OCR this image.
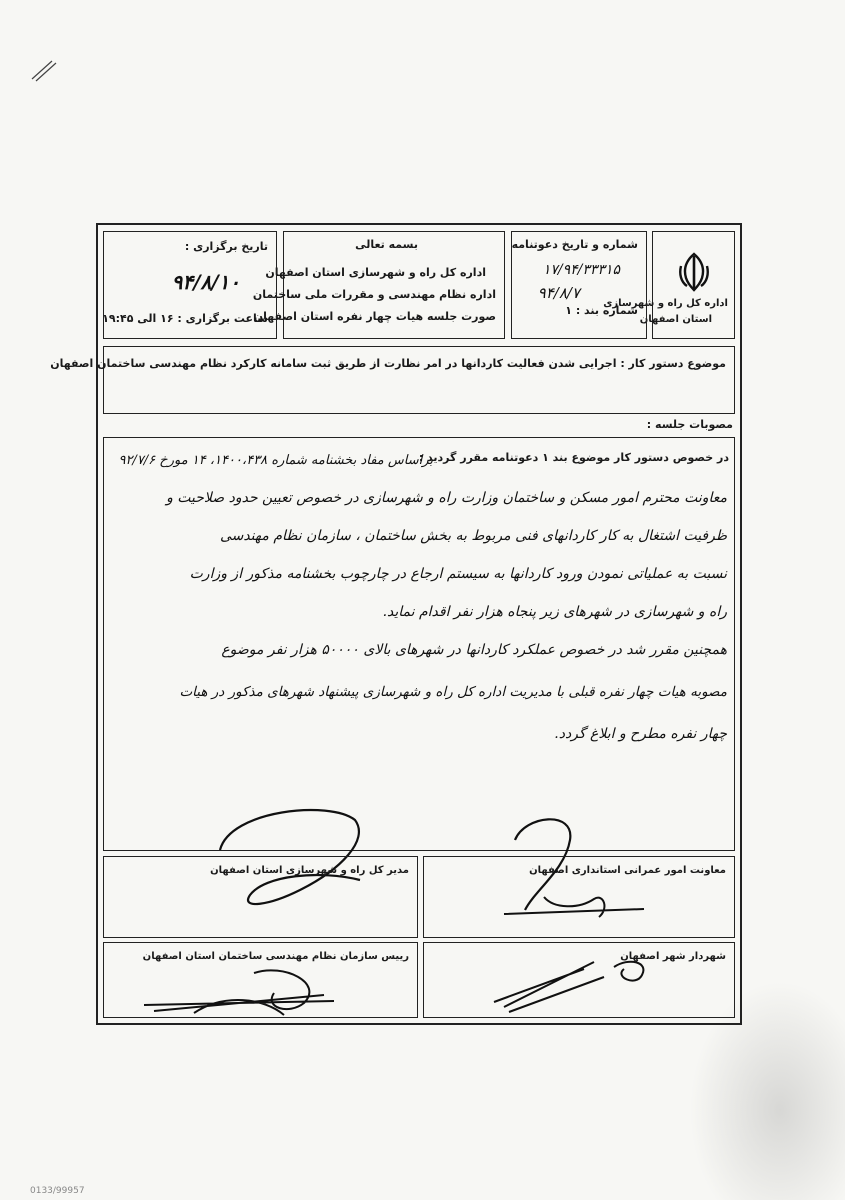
اداره کل راه و شهرسازی
استان اصفهان
شماره و تاریخ دعوتنامه
۱۷/۹۴/۳۳۳۱۵
۹۴/۸/۷
شماره بند : ۱
بسمه تعالی
اداره کل راه و شهرسازی استان اصفهان
اداره نظام مهندسی و مقررات ملی ساختمان
صورت جلسه هیات چهار نفره استان اصفهان
تاریخ برگزاری :
۹۴/۸/۱۰
ساعت برگزاری : ۱۶ الی ۱۹:۴۵
موضوع دستور کار : اجرایی شدن فعالیت کاردانها در امر نظارت از طریق ثبت سامانه کارکرد نظام مهندسی ساختمان اصفهان
مصوبات جلسه :
در خصوص دستور کار موضوع بند ۱ دعوتنامه مقرر گردید :
براساس مفاد بخشنامه شماره ۱۴۰۰،۴۳۸، ۱۴ مورخ ۹۲/۷/۶
معاونت محترم امور مسکن و ساختمان وزارت راه و شهرسازی در خصوص تعیین حدود صلاحیت و
ظرفیت اشتغال به کار کاردانهای فنی مربوط به بخش ساختمان ، سازمان نظام مهندسی
نسبت به عملیاتی نمودن ورود کاردانها به سیستم ارجاع در چارچوب بخشنامه مذکور از وزارت
راه و شهرسازی در شهرهای زیر پنجاه هزار نفر اقدام نماید.
همچنین مقرر شد در خصوص عملکرد کاردانها در شهرهای بالای ۵۰۰۰۰ هزار نفر موضوع
مصوبه هیات چهار نفره قبلی با مدیریت اداره کل راه و شهرسازی پیشنهاد شهرهای مذکور در هیات
چهار نفره مطرح و ابلاغ گردد.
معاونت امور عمرانی استانداری اصفهان
مدیر کل راه و شهرسازی استان اصفهان
شهردار شهر اصفهان
رییس سازمان نظام مهندسی ساختمان استان اصفهان
0133/99957
